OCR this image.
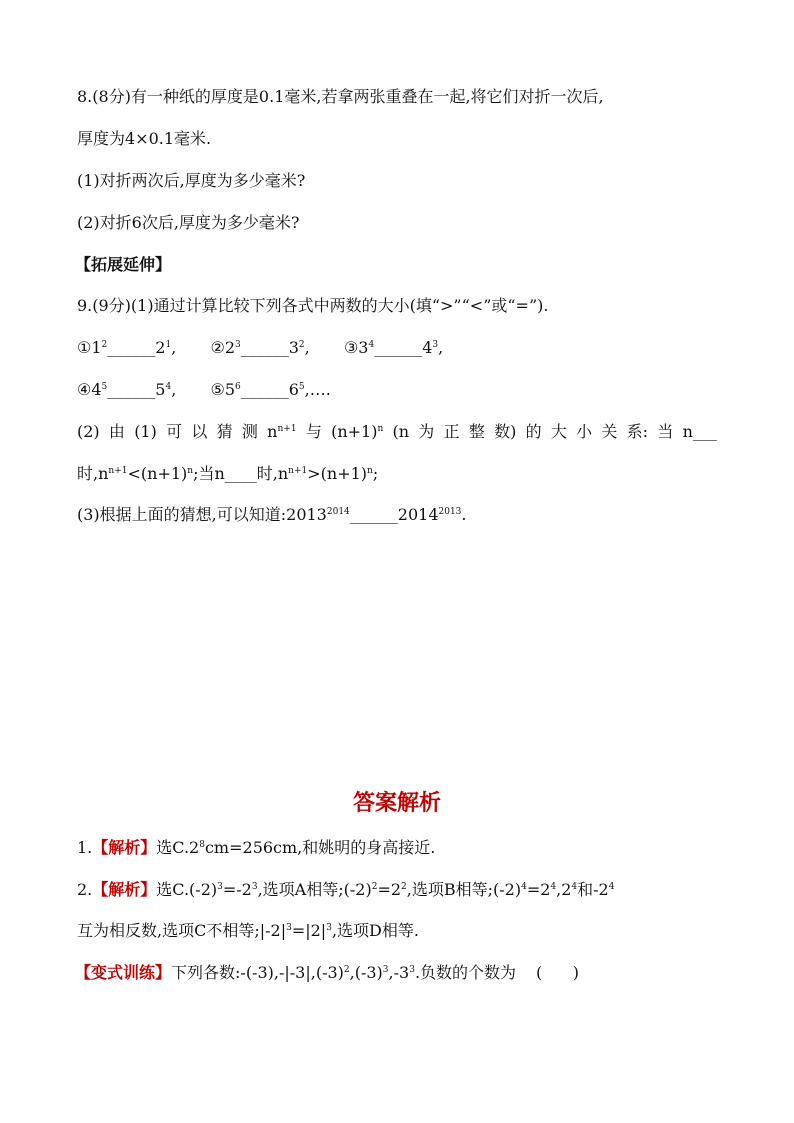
8.(8分)有一种纸的厚度是0.1毫米,若拿两张重叠在一起,将它们对折一次后,
厚度为4×0.1毫米.
(1)对折两次后,厚度为多少毫米?
(2)对折6次后,厚度为多少毫米?
【拓展延伸】
9.(9分)(1)通过计算比较下列各式中两数的大小(填“>”“<”或“=”).
$①1^2\_\_\_\_\_\_2^1$, $②2^3\_\_\_\_\_\_3^2$, $③3^4\_\_\_\_\_\_4^3$,
$④4^5\_\_\_\_\_\_5^4$, $⑤5^6\_\_\_\_\_\_6^5,\dots$.
(2) 由 (1) 可 以 猜 测 $n^{n+1}$ 与 $(n+1)^n$ (n 为 正 整 数) 的 大 小 关 系: 当 n___
时$,n^{n+1}<(n+1)^n$;当n____时$,n^{n+1}>(n+1)^n$;
(3)根据上面的猜想,可以知道$:2013^{2014}\_\_\_\_\_\_2014^{2013}$.
答案解析
1.【解析】选$C.2^8cm=256cm$,和姚明的身高接近.
2.【解析】选$C.(-2)^3=-2^3$,选项A相等$;(-2)^2=2^2$,选项B相等$;(-2)^4=2^4,2^4$和$-2^4$
互为相反数,选项C不相等$;|-2|^3=|2|^3$,选项D相等.
【变式训练】下列各数$:-(-3),-|-3|,(-3)^2,(-3)^3,-3^3$.负数的个数为 (      )
